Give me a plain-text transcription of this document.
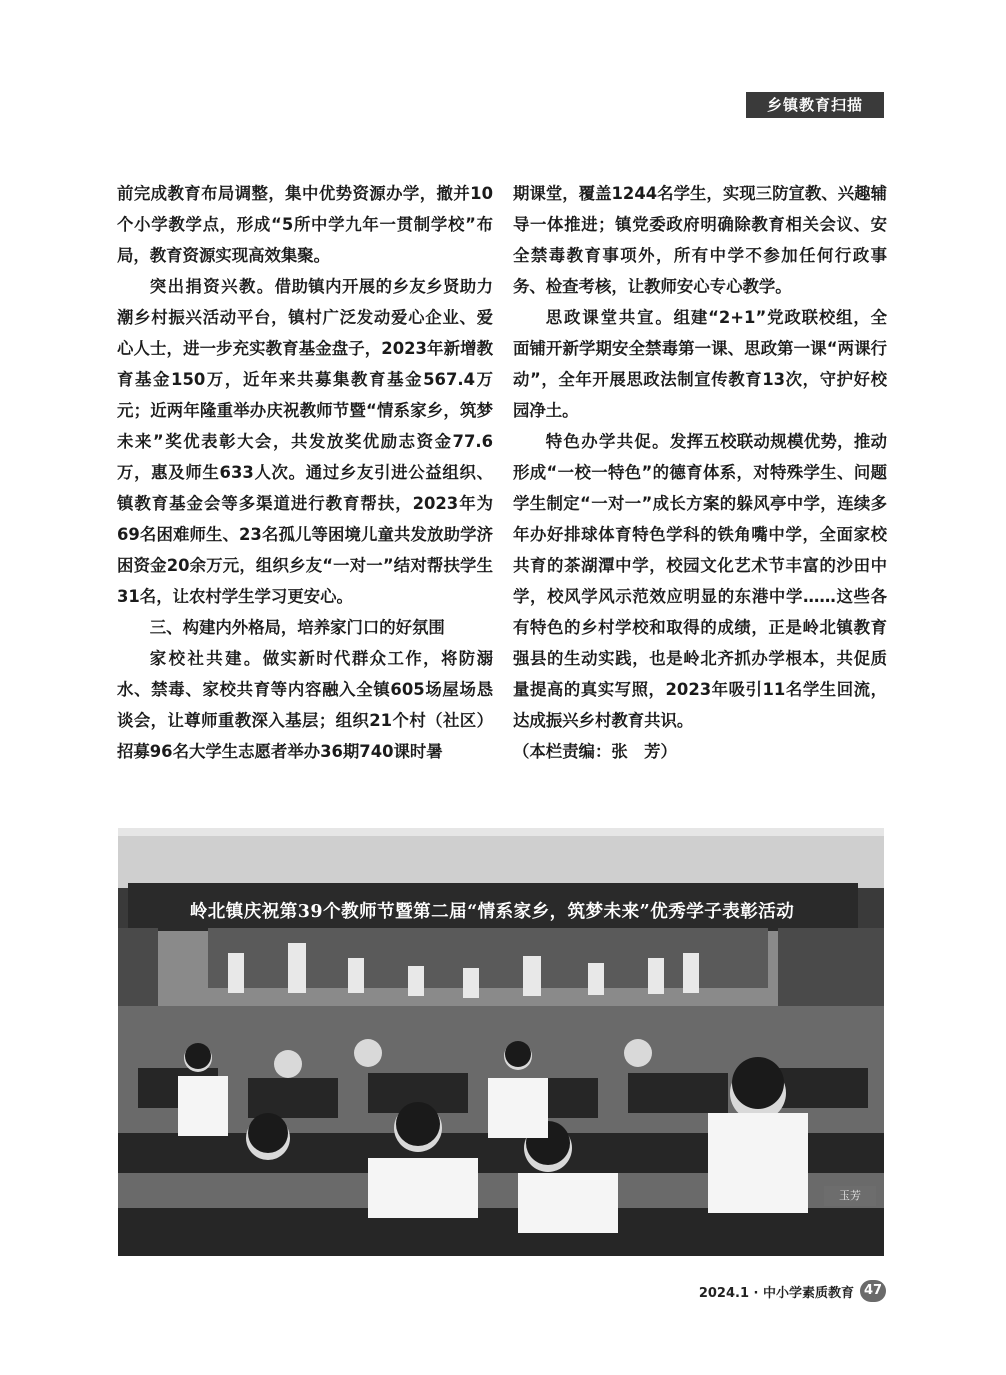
乡镇教育扫描

前完成教育布局调整，集中优势资源办学，撤并10个小学教学点，形成“5所中学九年一贯制学校”布局，教育资源实现高效集聚。

突出捐资兴教。借助镇内开展的乡友乡贤助力潮乡村振兴活动平台，镇村广泛发动爱心企业、爱心人士，进一步充实教育基金盘子，2023年新增教育基金150万，近年来共募集教育基金567.4万元；近两年隆重举办庆祝教师节暨“情系家乡，筑梦未来”奖优表彰大会，共发放奖优励志资金77.6万，惠及师生633人次。通过乡友引进公益组织、镇教育基金会等多渠道进行教育帮扶，2023年为69名困难师生、23名孤儿等困境儿童共发放助学济困资金20余万元，组织乡友“一对一”结对帮扶学生31名，让农村学生学习更安心。

三、构建内外格局，培养家门口的好氛围

家校社共建。做实新时代群众工作，将防溺水、禁毒、家校共育等内容融入全镇605场屋场恳谈会，让尊师重教深入基层；组织21个村（社区）招募96名大学生志愿者举办36期740课时暑

期课堂，覆盖1244名学生，实现三防宣教、兴趣辅导一体推进；镇党委政府明确除教育相关会议、安全禁毒教育事项外，所有中学不参加任何行政事务、检查考核，让教师安心专心教学。

思政课堂共宣。组建“2+1”党政联校组，全面铺开新学期安全禁毒第一课、思政第一课“两课行动”，全年开展思政法制宣传教育13次，守护好校园净土。

特色办学共促。发挥五校联动规模优势，推动形成“一校一特色”的德育体系，对特殊学生、问题学生制定“一对一”成长方案的躲风亭中学，连续多年办好排球体育特色学科的铁角嘴中学，全面家校共育的茶湖潭中学，校园文化艺术节丰富的沙田中学，校风学风示范效应明显的东港中学……这些各有特色的乡村学校和取得的成绩，正是岭北镇教育强县的生动实践，也是岭北齐抓办学根本，共促质量提高的真实写照，2023年吸引11名学生回流，达成振兴乡村教育共识。

（本栏责编：张　芳）

岭北镇庆祝第39个教师节暨第二届“情系家乡，筑梦未来”优秀学子表彰活动
玉芳
2024.1 · 中小学素质教育 47
